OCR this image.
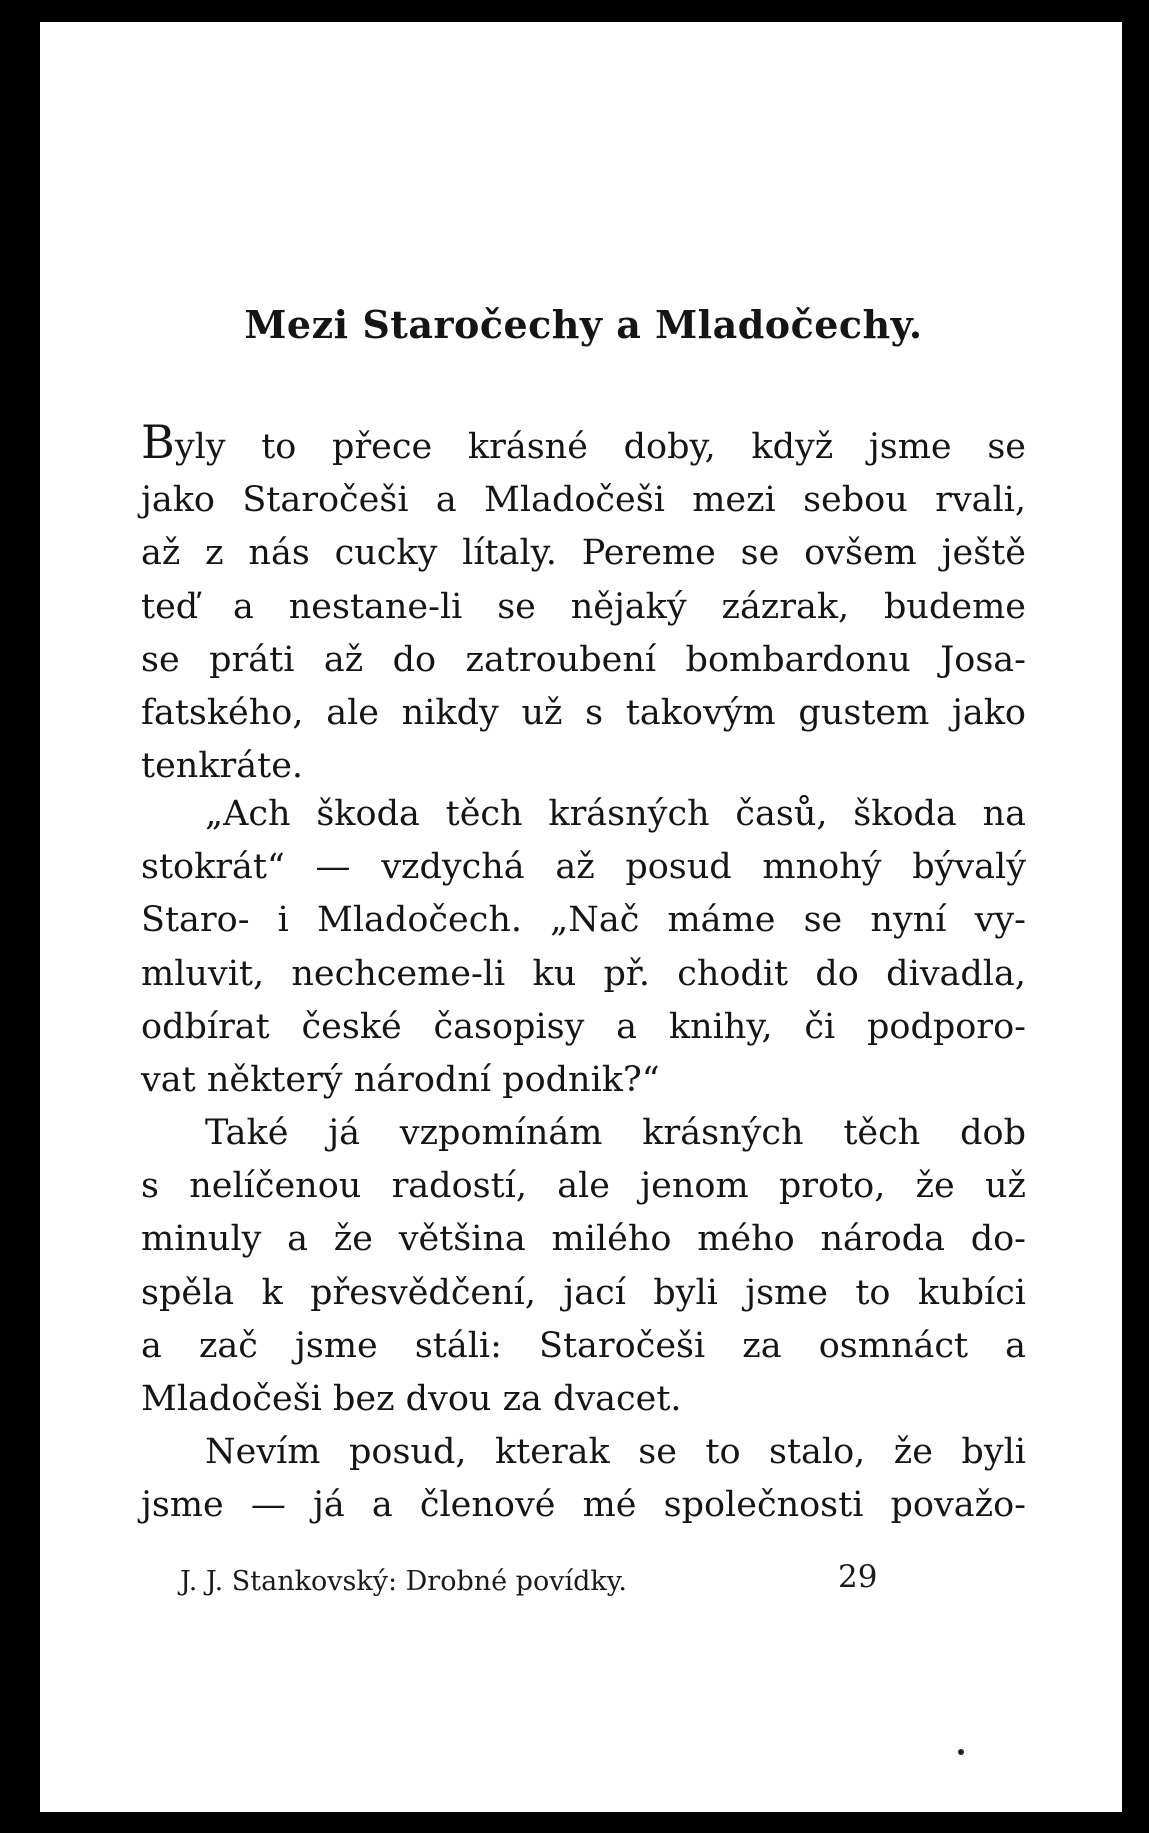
Mezi Staročechy a Mladočechy.
Byly to přece krásné doby, když jsme se
jako Staročeši a Mladočeši mezi sebou rvali,
až z nás cucky lítaly. Pereme se ovšem ještě
teď a nestane-li se nějaký zázrak, budeme
se práti až do zatroubení bombardonu Josa-
fatského, ale nikdy už s takovým gustem jako
tenkráte.
„Ach škoda těch krásných časů, škoda na
stokrát“ — vzdychá až posud mnohý bývalý
Staro- i Mladočech. „Nač máme se nyní vy-
mluvit, nechceme-li ku př. chodit do divadla,
odbírat české časopisy a knihy, či podporo-
vat některý národní podnik?“
Také já vzpomínám krásných těch dob
s nelíčenou radostí, ale jenom proto, že už
minuly a že většina milého mého národa do-
spěla k přesvědčení, jací byli jsme to kubíci
a zač jsme stáli: Staročeši za osmnáct a
Mladočeši bez dvou za dvacet.
Nevím posud, kterak se to stalo, že byli
jsme — já a členové mé společnosti považo-
J. J. Stankovský: Drobné povídky.	29
